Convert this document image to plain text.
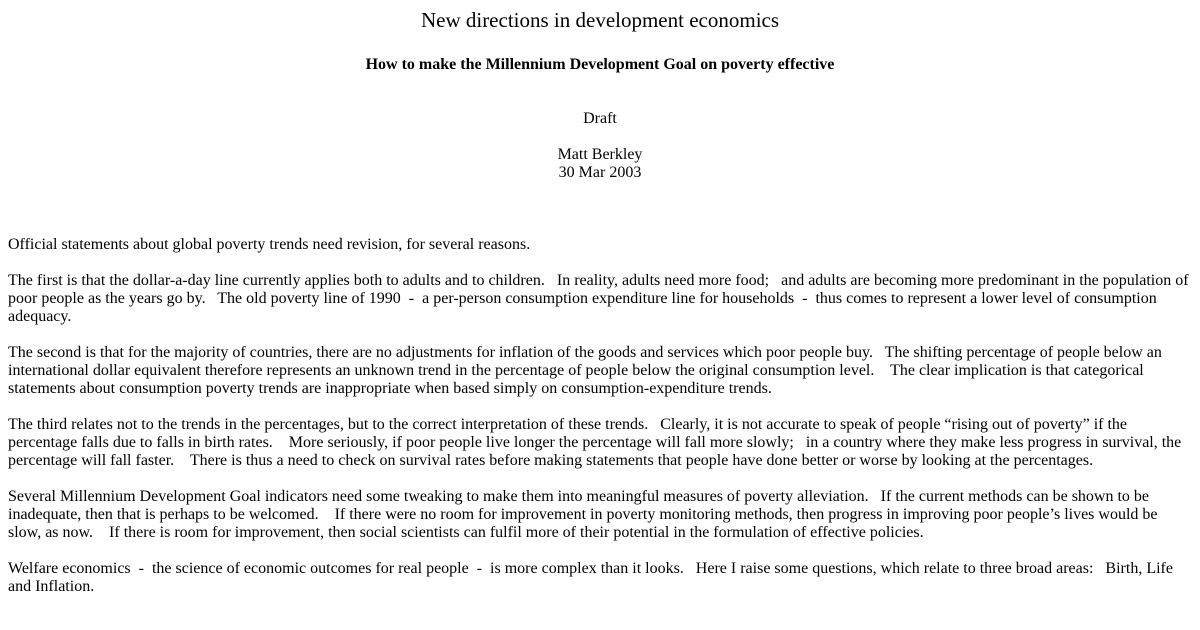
New directions in development economics
How to make the Millennium Development Goal on poverty effective
Draft
Matt Berkley
30 Mar 2003

Official statements about global poverty trends need revision, for several reasons.

The first is that the dollar-a-day line currently applies both to adults and to children.   In reality, adults need more food;   and adults are becoming more predominant in the population of poor people as the years go by.   The old poverty line of 1990  -  a per-person consumption expenditure line for households  -  thus comes to represent a lower level of consumption adequacy.

The second is that for the majority of countries, there are no adjustments for inflation of the goods and services which poor people buy.   The shifting percentage of people below an international dollar equivalent therefore represents an unknown trend in the percentage of people below the original consumption level.    The clear implication is that categorical statements about consumption poverty trends are inappropriate when based simply on consumption-expenditure trends.

The third relates not to the trends in the percentages, but to the correct interpretation of these trends.   Clearly, it is not accurate to speak of people “rising out of poverty” if the percentage falls due to falls in birth rates.    More seriously, if poor people live longer the percentage will fall more slowly;   in a country where they make less progress in survival, the percentage will fall faster.    There is thus a need to check on survival rates before making statements that people have done better or worse by looking at the percentages.

Several Millennium Development Goal indicators need some tweaking to make them into meaningful measures of poverty alleviation.   If the current methods can be shown to be inadequate, then that is perhaps to be welcomed.    If there were no room for improvement in poverty monitoring methods, then progress in improving poor people’s lives would be slow, as now.    If there is room for improvement, then social scientists can fulfil more of their potential in the formulation of effective policies.

Welfare economics  -  the science of economic outcomes for real people  -  is more complex than it looks.   Here I raise some questions, which relate to three broad areas:   Birth, Life and Inflation.
